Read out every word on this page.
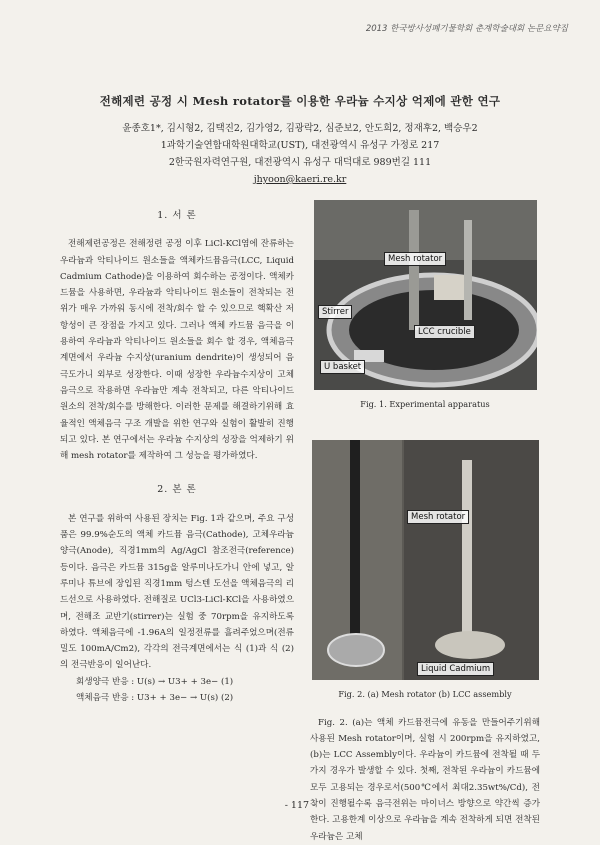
2013 한국방사성폐기물학회 춘계학술대회 논문요약집
전해제련 공정 시 Mesh rotator를 이용한 우라늄 수지상 억제에 관한 연구
윤종호1*, 김시형2, 김택진2, 김가영2, 김광락2, 심준보2, 안도희2, 정재후2, 백승우2
1과학기술연합대학원대학교(UST), 대전광역시 유성구 가정로 217
2한국원자력연구원, 대전광역시 유성구 대덕대로 989번길 111
jhyoon@kaeri.re.kr
1. 서 론

전해제련공정은 전해정련 공정 이후 LiCl-KCl염에 잔류하는 우라늄과 악티나이드 원소들을 액체카드뮴음극(LCC, Liquid Cadmium Cathode)을 이용하여 회수하는 공정이다. 액체카드뮴을 사용하면, 우라늄과 악티나이드 원소들이 전착되는 전위가 매우 가까워 동시에 전착/회수 할 수 있으므로 핵확산 저항성이 큰 장점을 가지고 있다. 그러나 액체 카드뮴 음극을 이용하여 우라늄과 악티나이드 원소들을 회수 할 경우, 액체음극 계면에서 우라늄 수지상(uranium dendrite)이 생성되어 음극도가니 외부로 성장한다. 이때 성장한 우라늄수지상이 고체음극으로 작용하면 우라늄만 계속 전착되고, 다른 악티나이드 원소의 전착/회수를 방해한다. 이러한 문제를 해결하기위해 효율적인 액체음극 구조 개발을 위한 연구와 실험이 활발히 진행되고 있다. 본 연구에서는 우라늄 수지상의 성장을 억제하기 위해 mesh rotator를 제작하여 그 성능을 평가하였다.

2. 본 론

본 연구를 위하여 사용된 장치는 Fig. 1과 같으며, 주요 구성품은 99.9%순도의 액체 카드뮴 음극(Cathode), 고체우라늄 양극(Anode), 직경1mm의 Ag/AgCl 참조전극(reference) 등이다. 음극은 카드뮴 315g을 알루미나도가니 안에 넣고, 알루미나 튜브에 장입된 직경1mm 텅스텐 도선을 액체음극의 리드선으로 사용하였다. 전해질로 UCl3-LiCl-KCl을 사용하였으며, 전해조 교반기(stirrer)는 실험 중 70rpm을 유지하도록 하였다. 액체음극에 -1.96A의 일정전류를 흘려주었으며(전류밀도 100mA/Cm2), 각각의 전극계면에서는 식 (1)과 식 (2)의 전극반응이 일어난다.

회생양극 반응 : U(s) → U3+ + 3e− (1)

액체음극 반응 : U3+ + 3e− → U(s) (2)

Mesh rotator
Stirrer
LCC crucible
U basket
Fig. 1. Experimental apparatus
Mesh rotator
Liquid Cadmium
Fig. 2. (a) Mesh rotator (b) LCC assembly

Fig. 2. (a)는 액체 카드뮴전극에 유동을 만들어주기위해 사용된 Mesh rotator이며, 실험 시 200rpm을 유지하였고, (b)는 LCC Assembly이다. 우라늄이 카드뮴에 전착될 때 두 가지 경우가 발생할 수 있다. 첫째, 전착된 우라늄이 카드뮴에 모두 고용되는 경우로서(500℃에서 최대2.35wt%/Cd), 전착이 진행될수록 음극전위는 마이너스 방향으로 약간씩 증가한다. 고용한계 이상으로 우라늄을 계속 전착하게 되면 전착된 우라늄은 고체

- 117 -
